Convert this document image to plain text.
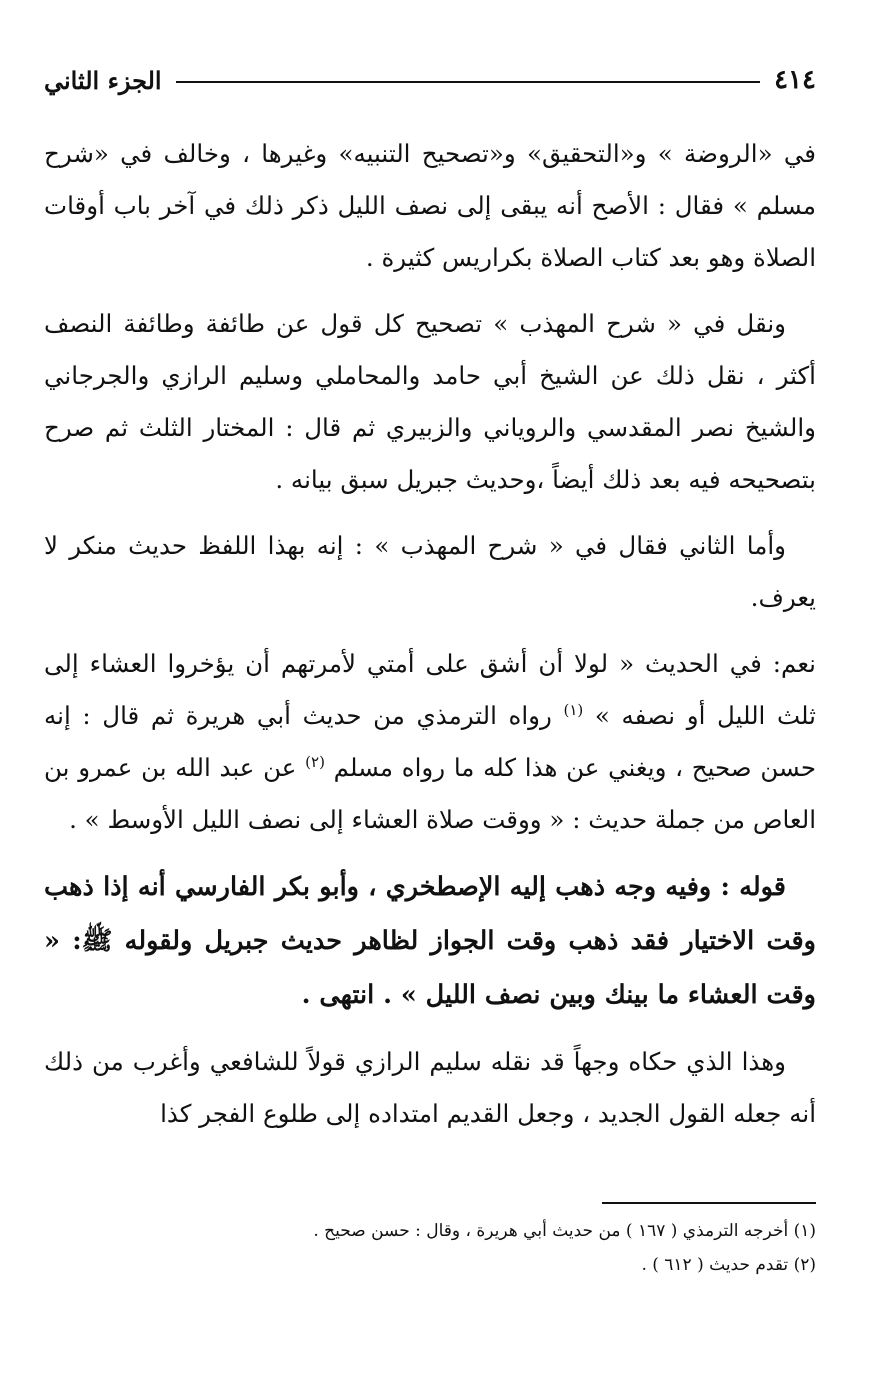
٤١٤
الجزء الثاني

في «الروضة » و«التحقيق» و«تصحيح التنبيه» وغيرها ، وخالف في «شرح مسلم » فقال : الأصح أنه يبقى إلى نصف الليل ذكر ذلك في آخر باب أوقات الصلاة وهو بعد كتاب الصلاة بكراريس كثيرة .

ونقل في « شرح المهذب » تصحيح كل قول عن طائفة وطائفة النصف أكثر ، نقل ذلك عن الشيخ أبي حامد والمحاملي وسليم الرازي والجرجاني والشيخ نصر المقدسي والروياني والزبيري ثم قال : المختار الثلث ثم صرح بتصحيحه فيه بعد ذلك أيضاً ،وحديث جبريل سبق بيانه .

وأما الثاني فقال في « شرح المهذب » : إنه بهذا اللفظ حديث منكر لا يعرف.

نعم: في الحديث « لولا أن أشق على أمتي لأمرتهم أن يؤخروا العشاء إلى ثلث الليل أو نصفه » $^{(١)}$ رواه الترمذي من حديث أبي هريرة ثم قال : إنه حسن صحيح ، ويغني عن هذا كله ما رواه مسلم $^{(٢)}$ عن عبد الله بن عمرو بن العاص من جملة حديث : « ووقت صلاة العشاء إلى نصف الليل الأوسط » .

قوله : وفيه وجه ذهب إليه الإصطخري ، وأبو بكر الفارسي أنه إذا ذهب وقت الاختيار فقد ذهب وقت الجواز لظاهر حديث جبريل ولقوله ﷺ: « وقت العشاء ما بينك وبين نصف الليل » . انتهى .

وهذا الذي حكاه وجهاً قد نقله سليم الرازي قولاً للشافعي وأغرب من ذلك أنه جعله القول الجديد ، وجعل القديم امتداده إلى طلوع الفجر كذا

(١) أخرجه الترمذي ( ١٦٧ ) من حديث أبي هريرة ، وقال : حسن صحيح .
(٢) تقدم حديث ( ٦١٢ ) .
